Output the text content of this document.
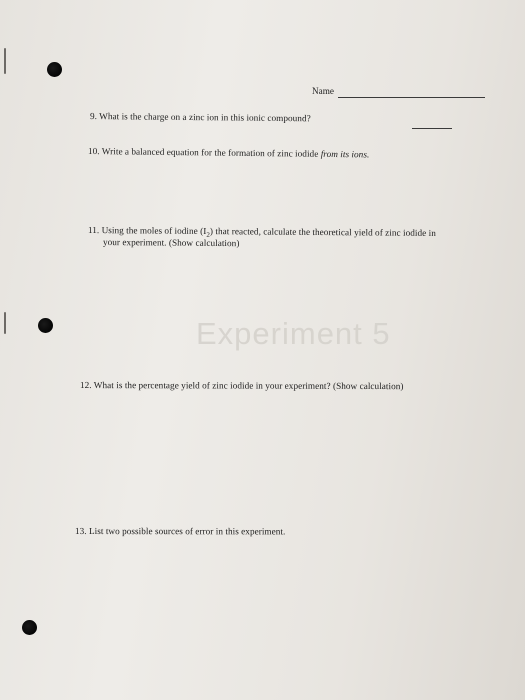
Experiment 5
Name
9. What is the charge on a zinc ion in this ionic compound?
10. Write a balanced equation for the formation of zinc iodide from its ions.
11. Using the moles of iodine $(I_2)$ that reacted, calculate the theoretical yield of zinc iodide in
your experiment. (Show calculation)
12. What is the percentage yield of zinc iodide in your experiment? (Show calculation)
13. List two possible sources of error in this experiment.
